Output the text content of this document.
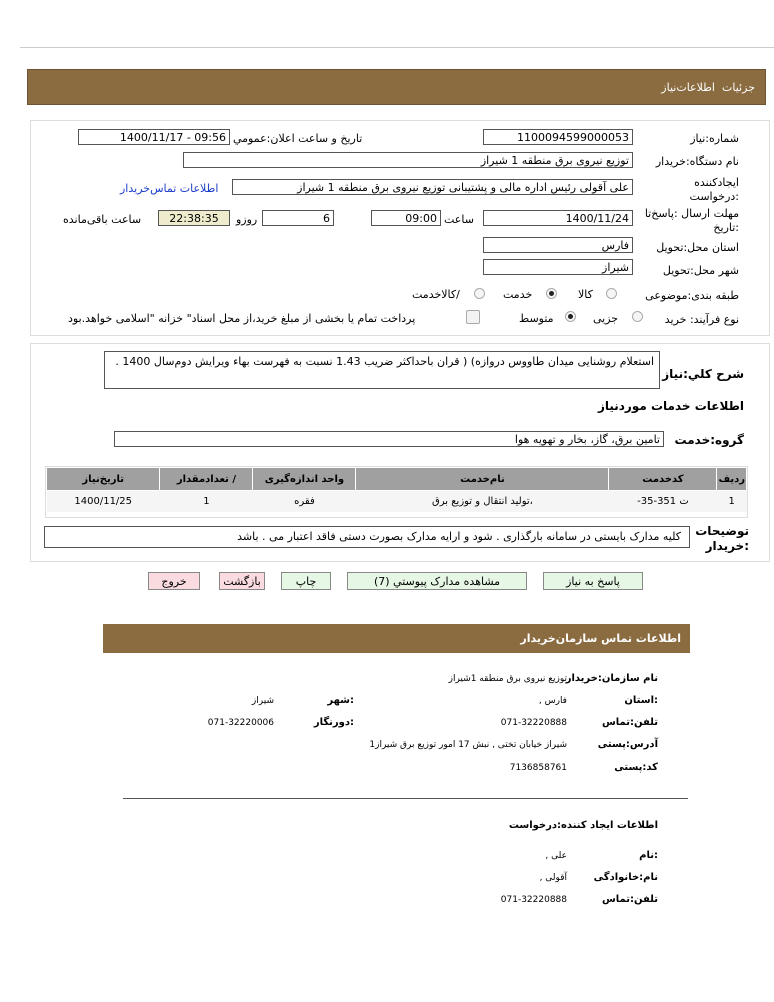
جزئیات
اطلاعات‌نیاز
شماره:نیاز
1100094599000053
تاریخ و ساعت اعلان:عمومي
1400/11/17 - 09:56
نام دستگاه:خریدار
توزیع نیروی برق منطقه 1 شیراز
ایجادکننده
:درخواست
علی آقولی رئیس اداره مالی و پشتیبانی توزیع نیروی برق منطقه 1 شیراز
اطلاعات تماس‌خریدار
مهلت ارسال :پاسخ‌تا
:تاریخ
1400/11/24
ساعت
09:00
6
روزو
22:38:35
ساعت باقی‌مانده
استان محل:تحویل
فارس
شهر محل:تحویل
شیراز
طبقه بندی:موضوعی
کالا
خدمت
/کالاخدمت
نوع فرآیند: خرید
جزیی
متوسط
پرداخت تمام یا بخشی از مبلغ خرید،از محل اسناد" خزانه "اسلامی خواهد.بود
شرح کلي:نیاز
استعلام روشنایی میدان طاووس دروازه) ( قران باحداکثر ضریب 1.43 نسبت به فهرست بهاء ویرایش دوم‌سال 1400 .
اطلاعات خدمات موردنیاز
گروه:خدمت
تامین برق، گاز، بخار و تهویه هوا
ردیف	کدخدمت	نام‌خدمت	واحد اندازه‌گیری	/ تعدادمقدار	تاریخ‌نیاز
1	ت 351-35-	،تولید انتقال و توزیع برق	فقره	1	1400/11/25
توضیحات
:خریدار
کلیه مدارک بایستی در سامانه بارگذاری . شود و ارایه مدارک بصورت دستی فاقد اعتبار می . باشد
پاسخ به نیاز
مشاهده مدارک پیوستي (7)
چاپ
بازگشت
خروج
اطلاعات تماس سازمان‌خریدار
نام سازمان:خریدار
توزیع نیروی برق منطقه 1شیراز
:استان
فارس ,
:شهر
شیراز
تلفن:تماس
071-32220888
:دورنگار
071-32220006
آدرس:پستی
شیراز خیابان تختی , نبش 17 امور توزیع برق شیراز1
کد:پستی
7136858761
اطلاعات ایجاد کننده:درخواست
:نام
علی ,
نام:خانوادگی
آقولی ,
تلفن:تماس
071-32220888
